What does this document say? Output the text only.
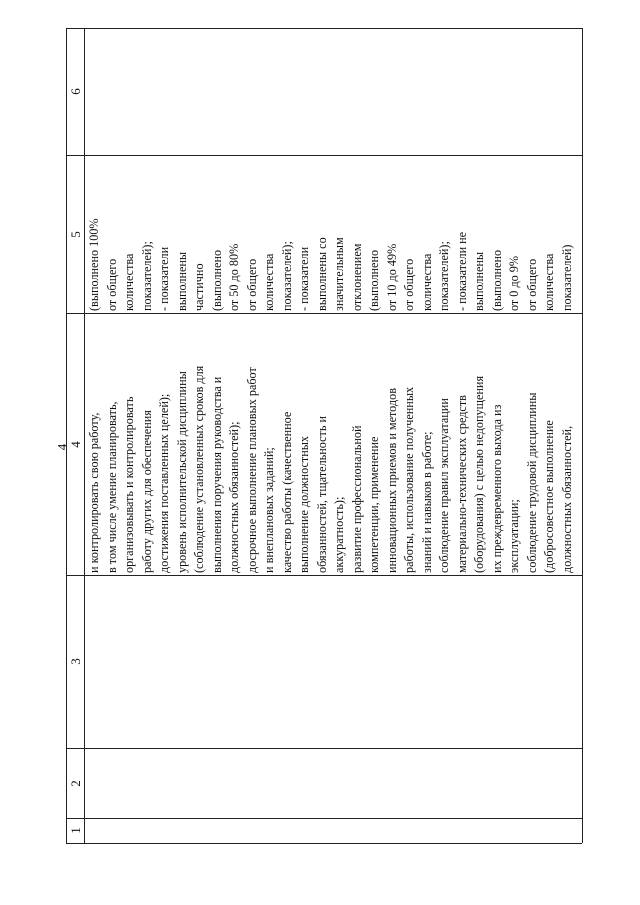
4
6
5
4
3
2
1
(выполнено 100% от общего количества показателей); - показатели выполнены частично (выполнено от 50 до 80% от общего количества показателей); - показатели выполнены со значительным отклонением (выполнено от 10 до 49% от общего количества показателей); - показатели не выполнены (выполнено от 0 до 9% от общего количества показателей)
и контролировать свою работу, в том числе умение планировать, организовывать и контролировать работу других для обеспечения достижения поставленных целей); уровень исполнительской дисциплины (соблюдение установленных сроков для выполнения поручения руководства и должностных обязанностей); досрочное выполнение плановых работ и внеплановых заданий; качество работы (качественное выполнение должностных обязанностей, тщательность и аккуратность); развитие профессиональной компетенции, применение инновационных приемов и методов работы, использование полученных знаний и навыков в работе; соблюдение правил эксплуатации материально-технических средств (оборудования) с целью недопущения их преждевременного выхода из эксплуатации; соблюдение трудовой дисциплины (добросовестное выполнение должностных обязанностей,
